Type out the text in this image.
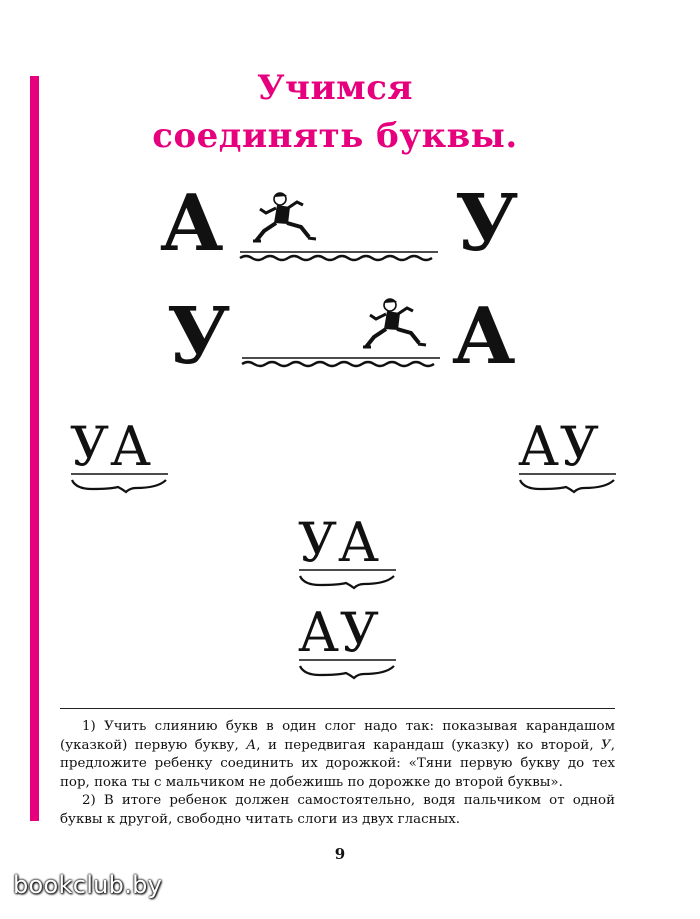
Учимся
соединять буквы.
А	У
У	А
УА	АУ
УА
АУ

1) Учить слиянию букв в один слог надо так: показывая карандашом (указкой) первую букву, А, и передвигая карандаш (указку) ко второй, У, предложите ребенку соединить их дорожкой: «Тяни первую букву до тех пор, пока ты с мальчиком не добежишь по дорожке до второй буквы».

2) В итоге ребенок должен самостоятельно, водя пальчиком от одной буквы к другой, свободно читать слоги из двух гласных.

9
bookclub.by
